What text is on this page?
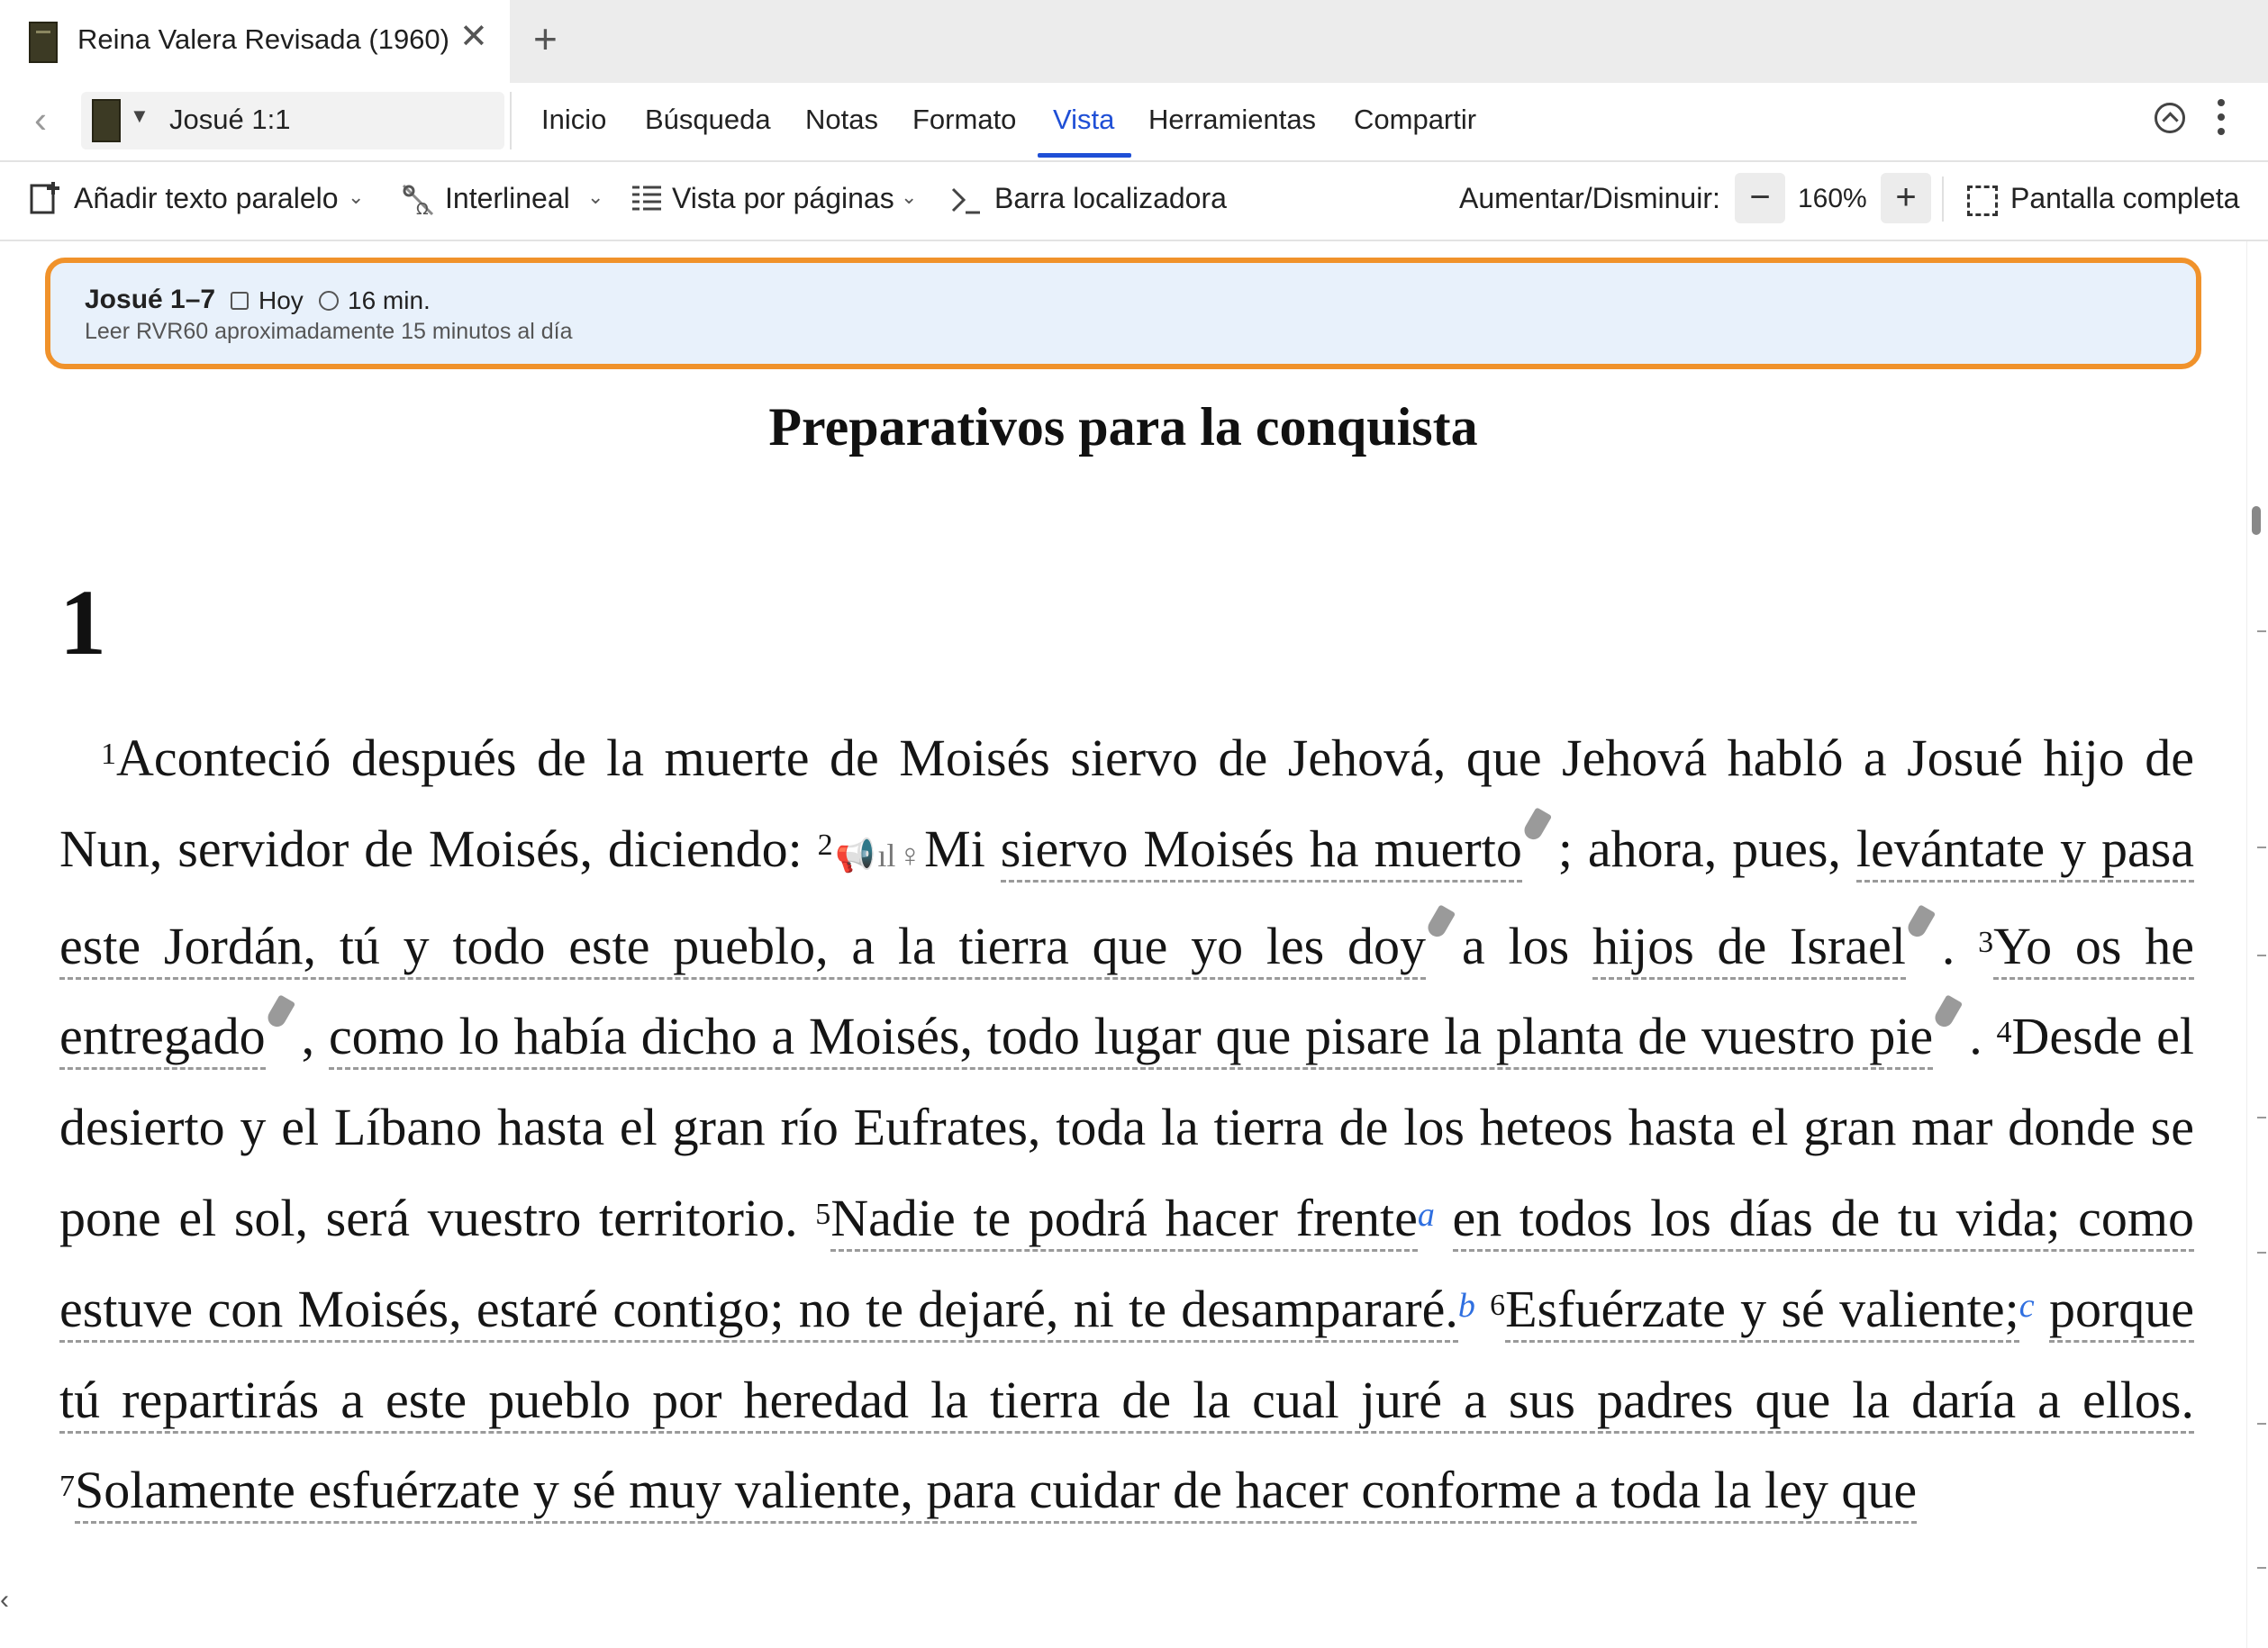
Reina Valera Revisada (1960) ✕ +
‹	▼ Josué 1:1	Inicio Búsqueda Notas Formato Vista Herramientas Compartir
Añadir texto paralelo ⌄
Ω Interlineal ⌄ Vista por páginas ⌄	Barra localizadora	Aumentar/Disminuir: −	160% +	Pantalla completa
Josué 1–7 Hoy 16 min.
Leer RVR60 aproximadamente 15 minutos al día
Preparativos para la conquista
1

$^1$Aconteció después de la muerte de Moisés siervo de Jehová, que Jehová habló a Josué hijo de Nun, servidor de Moisés, diciendo: $^2$📢ıl♀Mi siervo Moisés ha muerto ; ahora, pues, levántate y pasa este Jordán, tú y todo este pueblo, a la tierra que yo les doy a los hijos de Israel . $^3$Yo os he entregado , como lo había dicho a Moisés, todo lugar que pisare la planta de vuestro pie . $^4$Desde el desierto y el Líbano hasta el gran río Eufrates, toda la tierra de los heteos hasta el gran mar donde se pone el sol, será vuestro territorio. $^5$Nadie te podrá hacer frente$^a$ en todos los días de tu vida; como estuve con Moisés, estaré contigo; no te dejaré, ni te desampararé.$^b$ $^6$Esfuérzate y sé valiente;$^c$ porque tú repartirás a este pueblo por heredad la tierra de la cual juré a sus padres que la daría a ellos. $^7$Solamente esfuérzate y sé muy valiente, para cuidar de hacer conforme a toda la ley que

‹
